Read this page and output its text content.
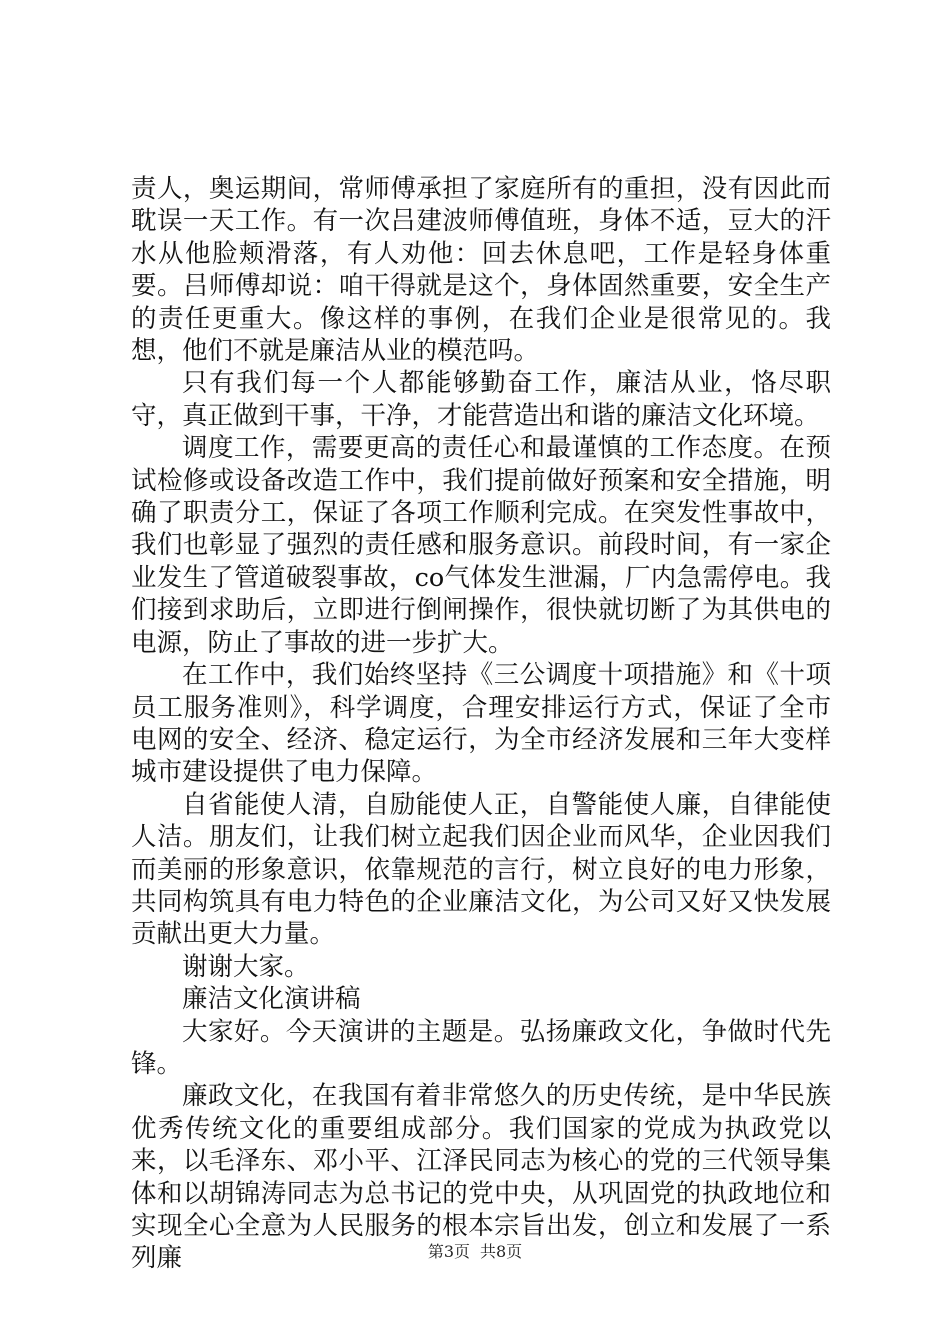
责人，奥运期间，常师傅承担了家庭所有的重担，没有因此而耽误一天工作。有一次吕建波师傅值班，身体不适，豆大的汗水从他脸颊滑落，有人劝他：回去休息吧，工作是轻身体重要。吕师傅却说：咱干得就是这个，身体固然重要，安全生产的责任更重大。像这样的事例，在我们企业是很常见的。我想，他们不就是廉洁从业的模范吗。

只有我们每一个人都能够勤奋工作，廉洁从业，恪尽职守，真正做到干事，干净，才能营造出和谐的廉洁文化环境。

调度工作，需要更高的责任心和最谨慎的工作态度。在预试检修或设备改造工作中，我们提前做好预案和安全措施，明确了职责分工，保证了各项工作顺利完成。在突发性事故中，我们也彰显了强烈的责任感和服务意识。前段时间，有一家企业发生了管道破裂事故，co气体发生泄漏，厂内急需停电。我们接到求助后，立即进行倒闸操作，很快就切断了为其供电的电源，防止了事故的进一步扩大。

在工作中，我们始终坚持《三公调度十项措施》和《十项员工服务准则》，科学调度，合理安排运行方式，保证了全市电网的安全、经济、稳定运行，为全市经济发展和三年大变样城市建设提供了电力保障。

自省能使人清，自励能使人正，自警能使人廉，自律能使人洁。朋友们，让我们树立起我们因企业而风华，企业因我们而美丽的形象意识，依靠规范的言行，树立良好的电力形象，共同构筑具有电力特色的企业廉洁文化，为公司又好又快发展贡献出更大力量。

谢谢大家。

廉洁文化演讲稿

大家好。今天演讲的主题是。弘扬廉政文化，争做时代先锋。

廉政文化，在我国有着非常悠久的历史传统，是中华民族优秀传统文化的重要组成部分。我们国家的党成为执政党以来，以毛泽东、邓小平、江泽民同志为核心的党的三代领导集体和以胡锦涛同志为总书记的党中央，从巩固党的执政地位和实现全心全意为人民服务的根本宗旨出发，创立和发展了一系列廉	第3页 共8页
